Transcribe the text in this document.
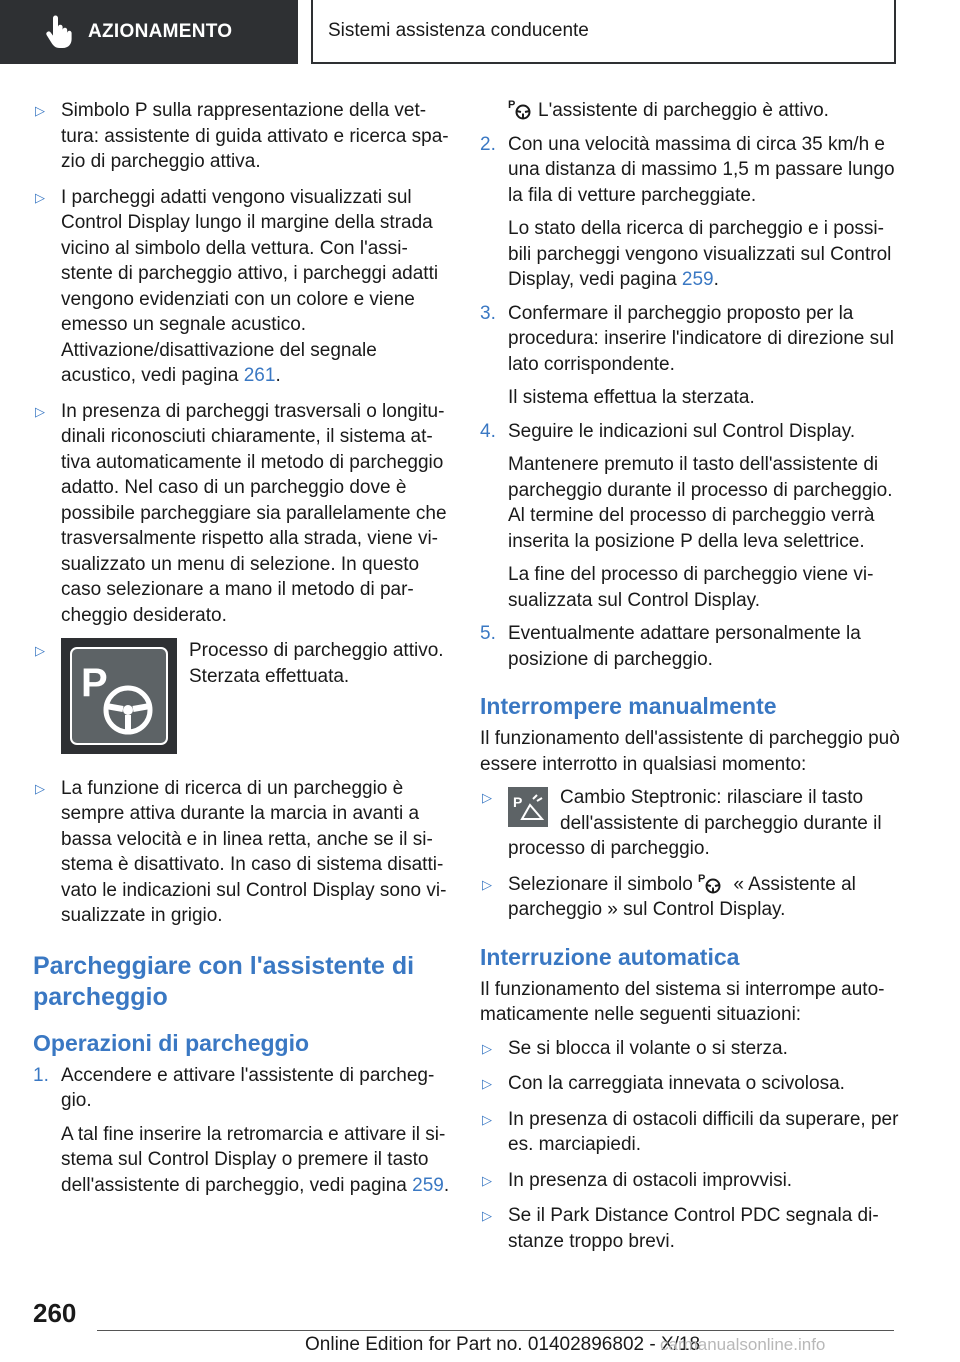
AZIONAMENTO	Sistemi assistenza conducente
▷ Simbolo P sulla rappresentazione della vettura: assistente di guida attivato e ricerca spazio di parcheggio attiva.
▷ I parcheggi adatti vengono visualizzati sul Control Display lungo il margine della strada vicino al simbolo della vettura. Con l'assistente di parcheggio attivo, i parcheggi adatti vengono evidenziati con un colore e viene emesso un segnale acustico. Attivazione/disattivazione del segnale acustico, vedi pagina 261.
▷ In presenza di parcheggi trasversali o longitudinali riconosciuti chiaramente, il sistema attiva automaticamente il metodo di parcheggio adatto. Nel caso di un parcheggio dove è possibile parcheggiare sia parallelamente che trasversalmente rispetto alla strada, viene visualizzato un menu di selezione. In questo caso selezionare a mano il metodo di parcheggio desiderato.
▷
P
Processo di parcheggio attivo. Sterzata effettuata.
▷ La funzione di ricerca di un parcheggio è sempre attiva durante la marcia in avanti a bassa velocità e in linea retta, anche se il sistema è disattivato. In caso di sistema disattivato le indicazioni sul Control Display sono visualizzate in grigio.
Parcheggiare con l'assistente di parcheggio
Operazioni di parcheggio
1. Accendere e attivare l'assistente di parcheggio.
A tal fine inserire la retromarcia e attivare il sistema sul Control Display o premere il tasto dell'assistente di parcheggio, vedi pagina 259.
P L'assistente di parcheggio è attivo.
2. Con una velocità massima di circa 35 km/h e una distanza di massimo 1,5 m passare lungo la fila di vetture parcheggiate.
Lo stato della ricerca di parcheggio e i possibili parcheggi vengono visualizzati sul Control Display, vedi pagina 259.
3. Confermare il parcheggio proposto per la procedura: inserire l'indicatore di direzione sul lato corrispondente.
Il sistema effettua la sterzata.
4. Seguire le indicazioni sul Control Display.
Mantenere premuto il tasto dell'assistente di parcheggio durante il processo di parcheggio. Al termine del processo di parcheggio verrà inserita la posizione P della leva selettrice.
La fine del processo di parcheggio viene visualizzata sul Control Display.
5. Eventualmente adattare personalmente la posizione di parcheggio.
Interrompere manualmente

Il funzionamento dell'assistente di parcheggio può essere interrotto in qualsiasi momento:

▷	P Cambio Steptronic: rilasciare il tasto dell'assistente di parcheggio durante il processo di parcheggio.
▷ Selezionare il simbolo P « Assistente al parcheggio » sul Control Display.
Interruzione automatica

Il funzionamento del sistema si interrompe automaticamente nelle seguenti situazioni:

▷ Se si blocca il volante o si sterza.
▷ Con la carreggiata innevata o scivolosa.
▷ In presenza di ostacoli difficili da superare, per es. marciapiedi.
▷ In presenza di ostacoli improvvisi.
▷ Se il Park Distance Control PDC segnala distanze troppo brevi.
260
Online Edition for Part no. 01402896802 - X/18
carmanualsonline.info
